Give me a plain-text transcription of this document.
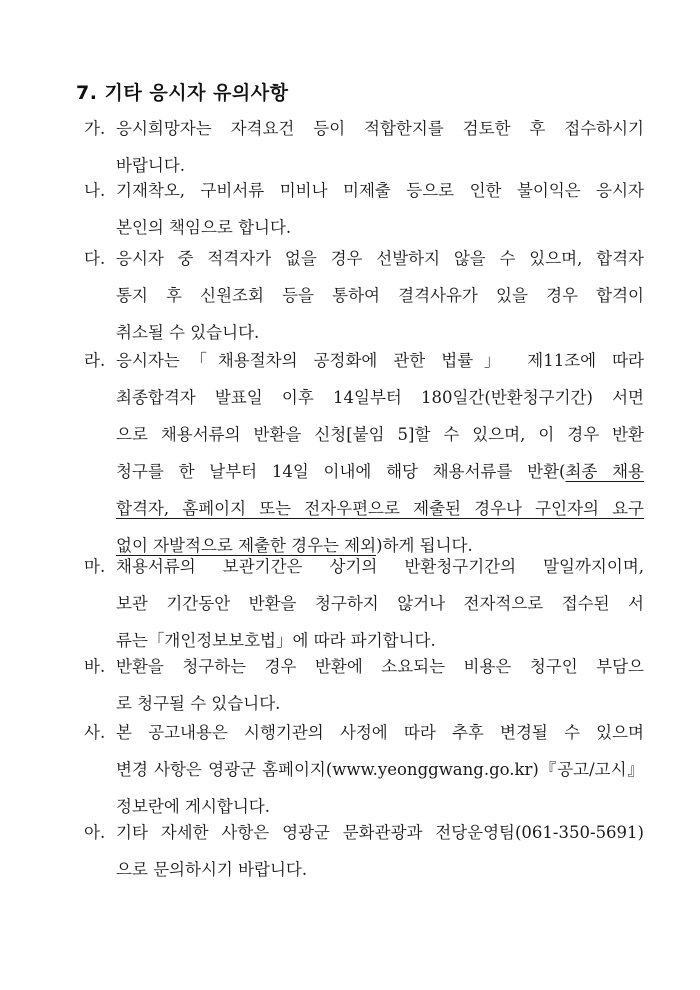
7. 기타 응시자 유의사항
가. 응시희망자는 자격요건 등이 적합한지를 검토한 후 접수하시기
바랍니다.
나. 기재착오, 구비서류 미비나 미제출 등으로 인한 불이익은 응시자
본인의 책임으로 합니다.
다. 응시자 중 적격자가 없을 경우 선발하지 않을 수 있으며, 합격자
통지 후 신원조회 등을 통하여 결격사유가 있을 경우 합격이
취소될 수 있습니다.
라. 응시자는「채용절차의 공정화에 관한 법률」 제11조에 따라
최종합격자 발표일 이후 14일부터 180일간(반환청구기간) 서면
으로 채용서류의 반환을 신청[붙임 5]할 수 있으며, 이 경우 반환
청구를 한 날부터 14일 이내에 해당 채용서류를 반환(최종 채용
합격자, 홈페이지 또는 전자우편으로 제출된 경우나 구인자의 요구
없이 자발적으로 제출한 경우는 제외)하게 됩니다.
마. 채용서류의 보관기간은 상기의 반환청구기간의 말일까지이며,
보관 기간동안 반환을 청구하지 않거나 전자적으로 접수된 서
류는「개인정보보호법」에 따라 파기합니다.
바. 반환을 청구하는 경우 반환에 소요되는 비용은 청구인 부담으
로 청구될 수 있습니다.
사. 본 공고내용은 시행기관의 사정에 따라 추후 변경될 수 있으며
변경 사항은 영광군 홈페이지(www.yeonggwang.go.kr)『공고/고시』
정보란에 게시합니다.
아. 기타 자세한 사항은 영광군 문화관광과 전당운영팀(061-350-5691)
으로 문의하시기 바랍니다.
